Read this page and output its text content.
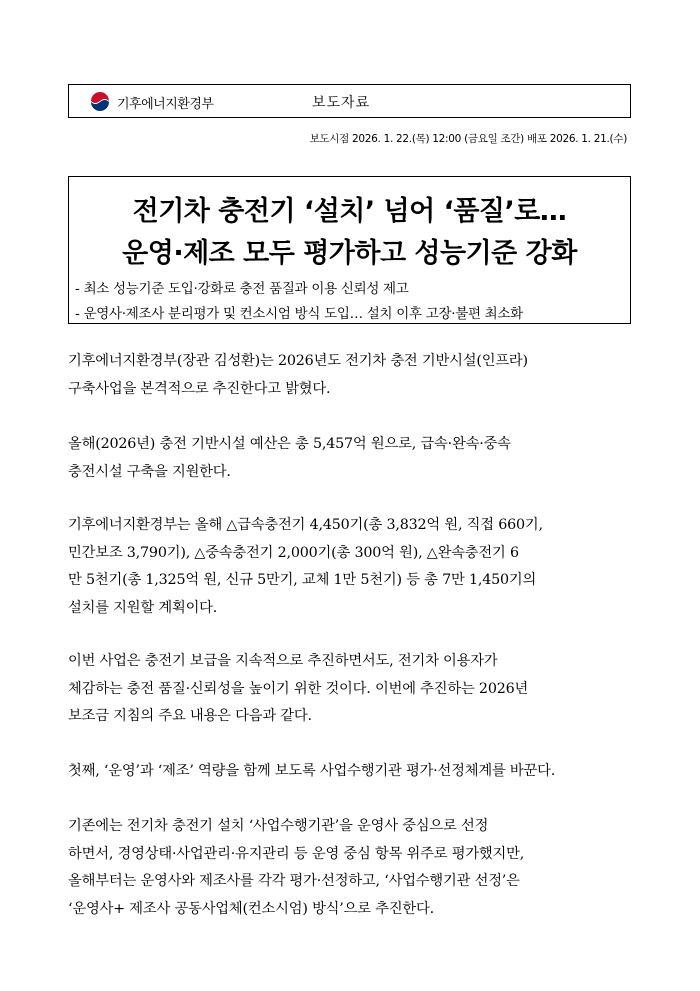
기후에너지환경부	보도자료
보도시점 2026. 1. 22.(목) 12:00 (금요일 조간) 배포 2026. 1. 21.(수)
전기차 충전기 ‘설치’ 넘어 ‘품질’로…
운영·제조 모두 평가하고 성능기준 강화
- 최소 성능기준 도입·강화로 충전 품질과 이용 신뢰성 제고
- 운영사·제조사 분리평가 및 컨소시엄 방식 도입… 설치 이후 고장·불편 최소화
기후에너지환경부(장관 김성환)는 2026년도 전기차 충전 기반시설(인프라)
구축사업을 본격적으로 추진한다고 밝혔다.
올해(2026년) 충전 기반시설 예산은 총 5,457억 원으로, 급속·완속·중속
충전시설 구축을 지원한다.
기후에너지환경부는 올해 △급속충전기 4,450기(총 3,832억 원, 직접 660기,
민간보조 3,790기), △중속충전기 2,000기(총 300억 원), △완속충전기 6
만 5천기(총 1,325억 원, 신규 5만기, 교체 1만 5천기) 등 총 7만 1,450기의
설치를 지원할 계획이다.
이번 사업은 충전기 보급을 지속적으로 추진하면서도, 전기차 이용자가
체감하는 충전 품질·신뢰성을 높이기 위한 것이다. 이번에 추진하는 2026년
보조금 지침의 주요 내용은 다음과 같다.
첫째, ‘운영’과 ‘제조’ 역량을 함께 보도록 사업수행기관 평가·선정체계를 바꾼다.
기존에는 전기차 충전기 설치 ‘사업수행기관’을 운영사 중심으로 선정
하면서, 경영상태·사업관리·유지관리 등 운영 중심 항목 위주로 평가했지만,
올해부터는 운영사와 제조사를 각각 평가·선정하고, ‘사업수행기관 선정’은
‘운영사+ 제조사 공동사업체(컨소시엄) 방식’으로 추진한다.
